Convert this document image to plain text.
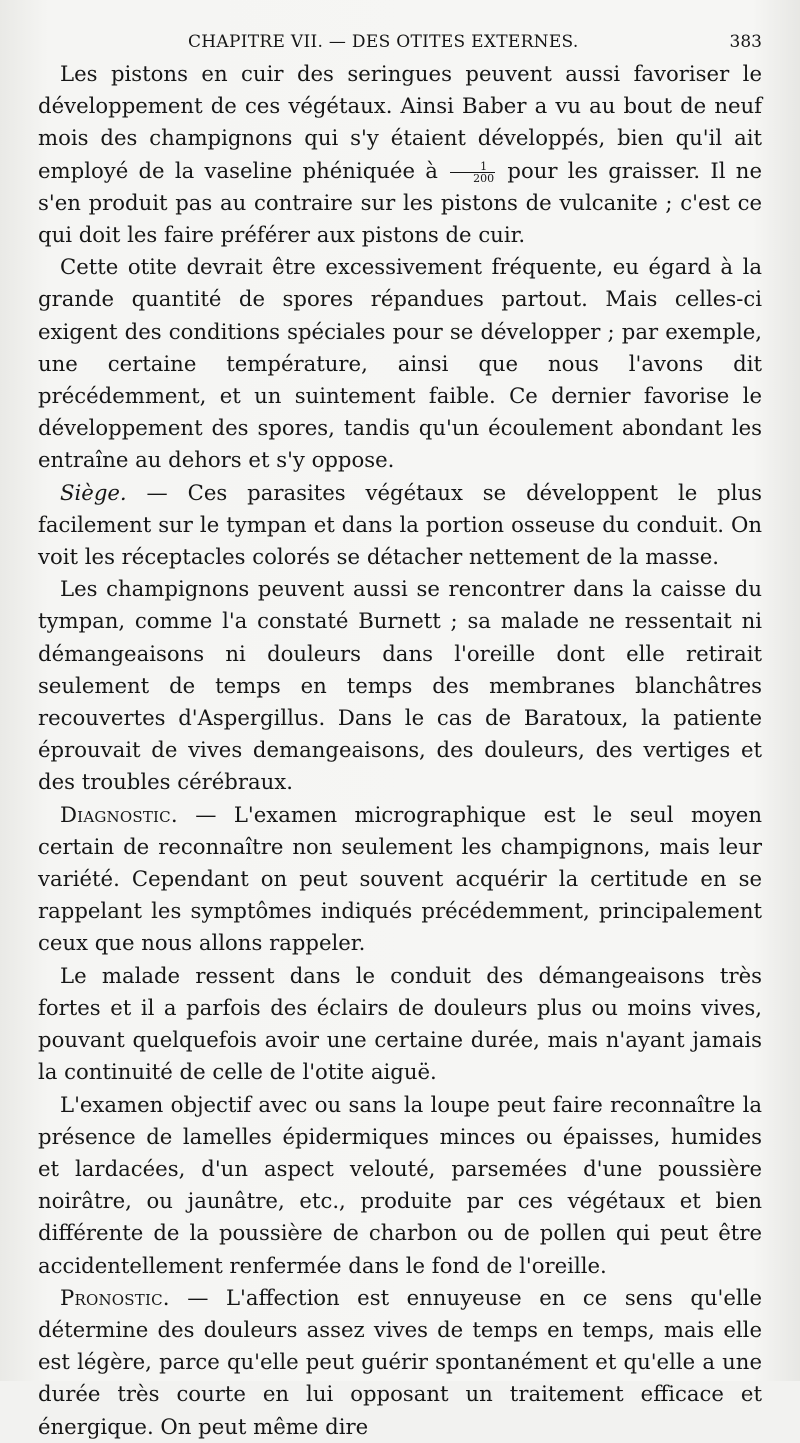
CHAPITRE VII. — DES OTITES EXTERNES.	383

Les pistons en cuir des seringues peuvent aussi favoriser le développement de ces végétaux. Ainsi Baber a vu au bout de neuf mois des champignons qui s'y étaient développés, bien qu'il ait employé de la vaseline phéniquée à $\frac{1}{200}$ pour les graisser. Il ne s'en produit pas au contraire sur les pistons de vulcanite ; c'est ce qui doit les faire préférer aux pistons de cuir.

Cette otite devrait être excessivement fréquente, eu égard à la grande quantité de spores répandues partout. Mais celles-ci exigent des conditions spéciales pour se développer ; par exemple, une certaine température, ainsi que nous l'avons dit précédemment, et un suintement faible. Ce dernier favorise le développement des spores, tandis qu'un écoulement abondant les entraîne au dehors et s'y oppose.

Siège. — Ces parasites végétaux se développent le plus facilement sur le tympan et dans la portion osseuse du conduit. On voit les réceptacles colorés se détacher nettement de la masse.

Les champignons peuvent aussi se rencontrer dans la caisse du tympan, comme l'a constaté Burnett ; sa malade ne ressentait ni démangeaisons ni douleurs dans l'oreille dont elle retirait seulement de temps en temps des membranes blanchâtres recouvertes d'Aspergillus. Dans le cas de Baratoux, la patiente éprouvait de vives demangeaisons, des douleurs, des vertiges et des troubles cérébraux.

Diagnostic. — L'examen micrographique est le seul moyen certain de reconnaître non seulement les champignons, mais leur variété. Cependant on peut souvent acquérir la certitude en se rappelant les symptômes indiqués précédemment, principalement ceux que nous allons rappeler.

Le malade ressent dans le conduit des démangeaisons très fortes et il a parfois des éclairs de douleurs plus ou moins vives, pouvant quelquefois avoir une certaine durée, mais n'ayant jamais la continuité de celle de l'otite aiguë.

L'examen objectif avec ou sans la loupe peut faire reconnaître la présence de lamelles épidermiques minces ou épaisses, humides et lardacées, d'un aspect velouté, parsemées d'une poussière noirâtre, ou jaunâtre, etc., produite par ces végétaux et bien différente de la poussière de charbon ou de pollen qui peut être accidentellement renfermée dans le fond de l'oreille.

Pronostic. — L'affection est ennuyeuse en ce sens qu'elle détermine des douleurs assez vives de temps en temps, mais elle est légère, parce qu'elle peut guérir spontanément et qu'elle a une durée très courte en lui opposant un traitement efficace et énergique. On peut même dire
